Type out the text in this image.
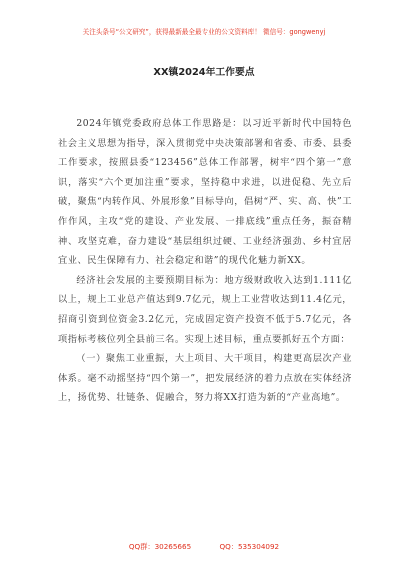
关注头条号“公文研究”，获得最新最全最专业的公文资料库！ 微信号：gongwenyj
XX镇2024年工作要点

2024年镇党委政府总体工作思路是：以习近平新时代中国特色社会主义思想为指导，深入贯彻党中央决策部署和省委、市委、县委工作要求，按照县委“123456”总体工作部署，树牢“四个第一”意识，落实“六个更加注重”要求，坚持稳中求进，以进促稳、先立后破，聚焦“内转作风、外展形象”目标导向，倡树“严、实、高、快”工作作风，主攻“党的建设、产业发展、一排底线”重点任务，振奋精神、攻坚克难，奋力建设“基层组织过硬、工业经济强劲、乡村宜居宜业、民生保障有力、社会稳定和谐”的现代化魅力新XX。

经济社会发展的主要预期目标为：地方级财政收入达到1.111亿以上，规上工业总产值达到9.7亿元，规上工业营收达到11.4亿元，招商引资到位资金3.2亿元，完成固定资产投资不低于5.7亿元，各项指标考核位列全县前三名。实现上述目标，重点要抓好五个方面：

（一）聚焦工业重振，大上项目、大干项目，构建更高层次产业体系。毫不动摇坚持“四个第一”，把发展经济的着力点放在实体经济上，扬优势、壮链条、促融合，努力将XX打造为新的“产业高地”。

QQ群：30265665	QQ：535304092
